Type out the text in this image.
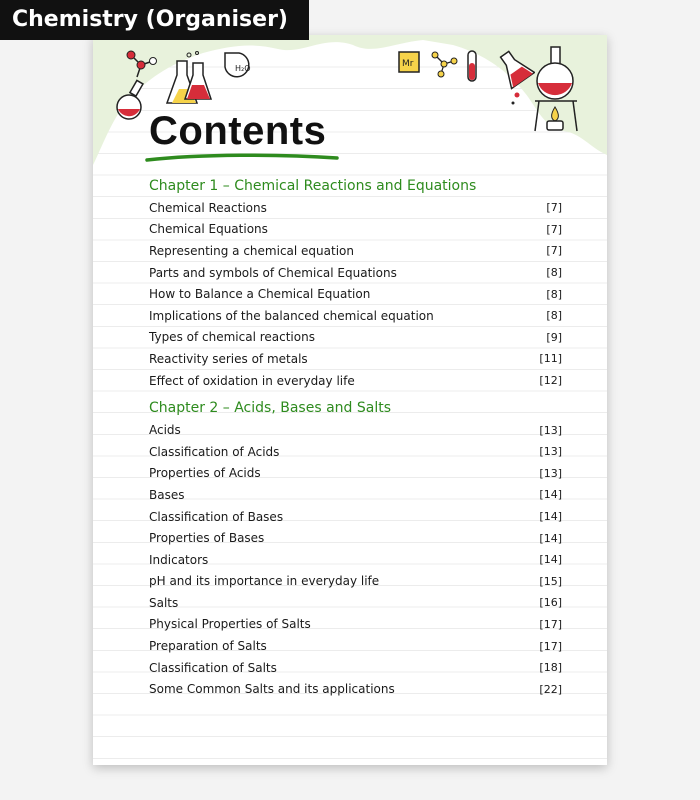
Chemistry (Organiser)
H₂O	Mr
Contents
Chapter 1 – Chemical Reactions and Equations
Chemical Reactions	[7]
Chemical Equations	[7]
Representing a chemical equation	[7]
Parts and symbols of Chemical Equations	[8]
How to Balance a Chemical Equation	[8]
Implications of the balanced chemical equation	[8]
Types of chemical reactions	[9]
Reactivity series of metals	[11]
Effect of oxidation in everyday life	[12]
Chapter 2 – Acids, Bases and Salts
Acids	[13]
Classification of Acids	[13]
Properties of Acids	[13]
Bases	[14]
Classification of Bases	[14]
Properties of Bases	[14]
Indicators	[14]
pH and its importance in everyday life	[15]
Salts	[16]
Physical Properties of Salts	[17]
Preparation of Salts	[17]
Classification of Salts	[18]
Some Common Salts and its applications	[22]
